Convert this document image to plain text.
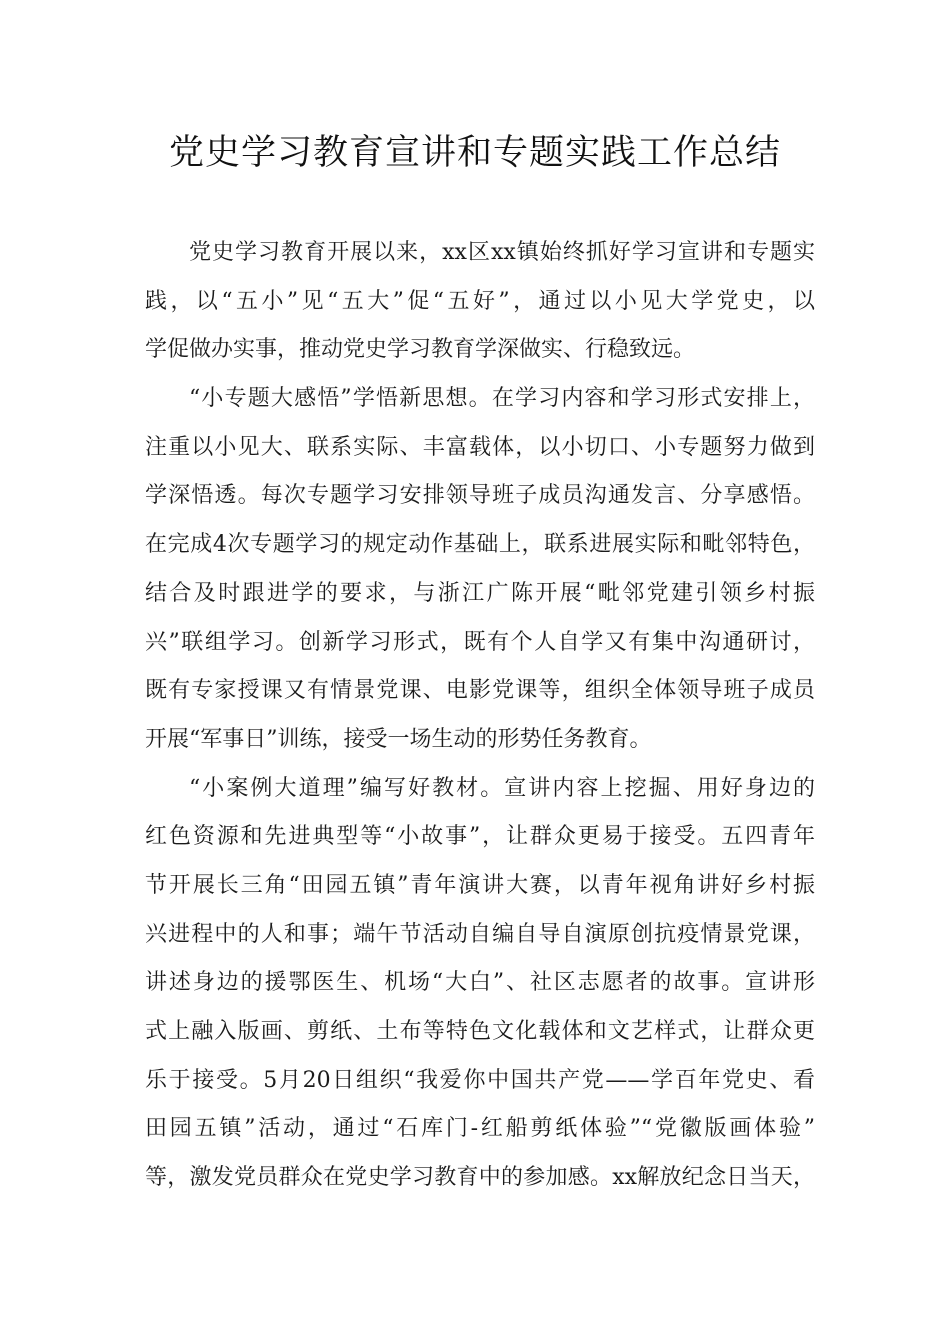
党史学习教育宣讲和专题实践工作总结
党史学习教育开展以来，xx区xx镇始终抓好学习宣讲和专题实
践，以“五小”见“五大”促“五好”，通过以小见大学党史，以
学促做办实事，推动党史学习教育学深做实、行稳致远。
“小专题大感悟”学悟新思想。在学习内容和学习形式安排上，
注重以小见大、联系实际、丰富载体，以小切口、小专题努力做到
学深悟透。每次专题学习安排领导班子成员沟通发言、分享感悟。
在完成4次专题学习的规定动作基础上，联系进展实际和毗邻特色，
结合及时跟进学的要求，与浙江广陈开展“毗邻党建引领乡村振
兴”联组学习。创新学习形式，既有个人自学又有集中沟通研讨，
既有专家授课又有情景党课、电影党课等，组织全体领导班子成员
开展“军事日”训练，接受一场生动的形势任务教育。
“小案例大道理”编写好教材。宣讲内容上挖掘、用好身边的
红色资源和先进典型等“小故事”，让群众更易于接受。五四青年
节开展长三角“田园五镇”青年演讲大赛，以青年视角讲好乡村振
兴进程中的人和事；端午节活动自编自导自演原创抗疫情景党课，
讲述身边的援鄂医生、机场“大白”、社区志愿者的故事。宣讲形
式上融入版画、剪纸、土布等特色文化载体和文艺样式，让群众更
乐于接受。5月20日组织“我爱你中国共产党——学百年党史、看
田园五镇”活动，通过“石库门-红船剪纸体验”“党徽版画体验”
等，激发党员群众在党史学习教育中的参加感。xx解放纪念日当天，
